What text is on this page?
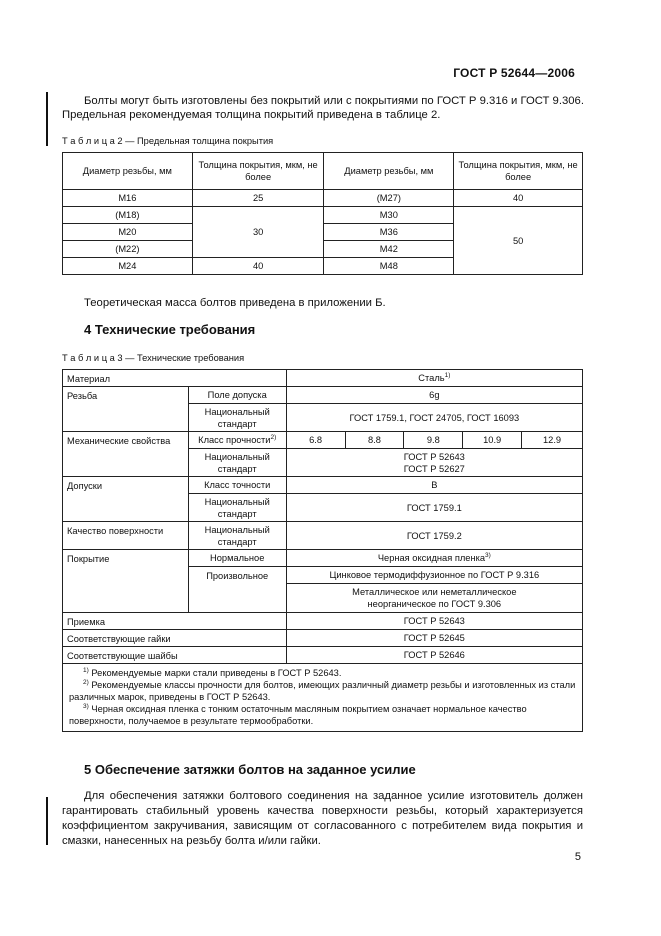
ГОСТ Р 52644—2006
Болты могут быть изготовлены без покрытий или с покрытиями по ГОСТ Р 9.316 и ГОСТ 9.306.
Предельная рекомендуемая толщина покрытий приведена в таблице 2.
Т а б л и ц а 2 — Предельная толщина покрытия
Диаметр резьбы, мм	Толщина покрытия, мкм, не более	Диаметр резьбы, мм	Толщина покрытия, мкм, не более
М16	25	(М27)	40
(М18)	30	М30	50
М20		М36	
(М22)		М42	
М24	40	М48	
Теоретическая масса болтов приведена в приложении Б.
4 Технические требования
Т а б л и ц а 3 — Технические требования
Материал		Сталь$^{1)}$
Резьба	Поле допуска	6g				
	Национальный стандарт	ГОСТ 1759.1, ГОСТ 24705, ГОСТ 16093				
Механические свойства	Класс прочности$^{2)}$	6.8	8.8	9.8	10.9	12.9
	Национальный стандарт	ГОСТ Р 52643
ГОСТ Р 52627				
Допуски	Класс точности	В				
	Национальный стандарт	ГОСТ 1759.1				
Качество поверхности	Национальный стандарт	ГОСТ 1759.2				
Покрытие	Нормальное	Черная оксидная пленка$^{3)}$
	Произвольное	Цинковое термодиффузионное по ГОСТ Р 9.316				
		Металлическое или неметаллическое неорганическое по ГОСТ 9.306				
Приемка		ГОСТ Р 52643				
Соответствующие гайки		ГОСТ Р 52645				
Соответствующие шайбы		ГОСТ Р 52646				

$^{1)}$ Рекомендуемые марки стали приведены в ГОСТ Р 52643.
$^{2)}$ Рекомендуемые классы прочности для болтов, имеющих различный диаметр резьбы и изготовленных из стали различных марок, приведены в ГОСТ Р 52643.
$^{3)}$ Черная оксидная пленка с тонким остаточным масляным покрытием означает нормальное качество поверхности, получаемое в результате термообработки.						
5 Обеспечение затяжки болтов на заданное усилие
Для обеспечения затяжки болтового соединения на заданное усилие изготовитель должен гарантировать стабильный уровень качества поверхности резьбы, который характеризуется коэффициентом закручивания, зависящим от согласованного с потребителем вида покрытия и смазки, нанесенных на резьбу болта и/или гайки.
5
